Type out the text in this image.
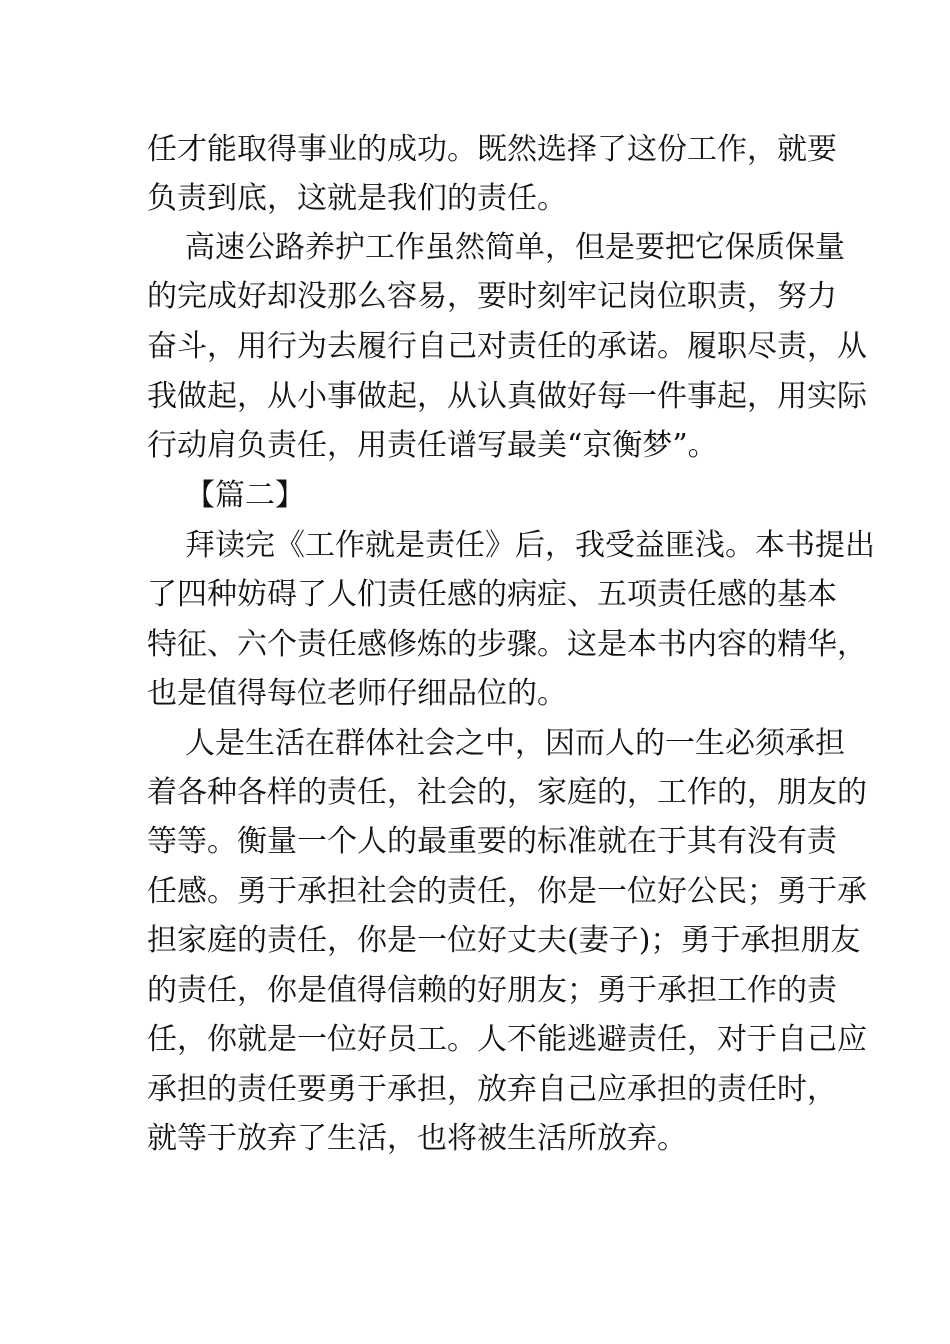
任才能取得事业的成功。既然选择了这份工作，就要
负责到底，这就是我们的责任。
高速公路养护工作虽然简单，但是要把它保质保量
的完成好却没那么容易，要时刻牢记岗位职责，努力
奋斗，用行为去履行自己对责任的承诺。履职尽责，从
我做起，从小事做起，从认真做好每一件事起，用实际
行动肩负责任，用责任谱写最美“京衡梦”。
【篇二】
拜读完《工作就是责任》后，我受益匪浅。本书提出
了四种妨碍了人们责任感的病症、五项责任感的基本
特征、六个责任感修炼的步骤。这是本书内容的精华，
也是值得每位老师仔细品位的。
人是生活在群体社会之中，因而人的一生必须承担
着各种各样的责任，社会的，家庭的，工作的，朋友的
等等。衡量一个人的最重要的标准就在于其有没有责
任感。勇于承担社会的责任，你是一位好公民；勇于承
担家庭的责任，你是一位好丈夫(妻子)；勇于承担朋友
的责任，你是值得信赖的好朋友；勇于承担工作的责
任，你就是一位好员工。人不能逃避责任，对于自己应
承担的责任要勇于承担，放弃自己应承担的责任时，
就等于放弃了生活，也将被生活所放弃。
